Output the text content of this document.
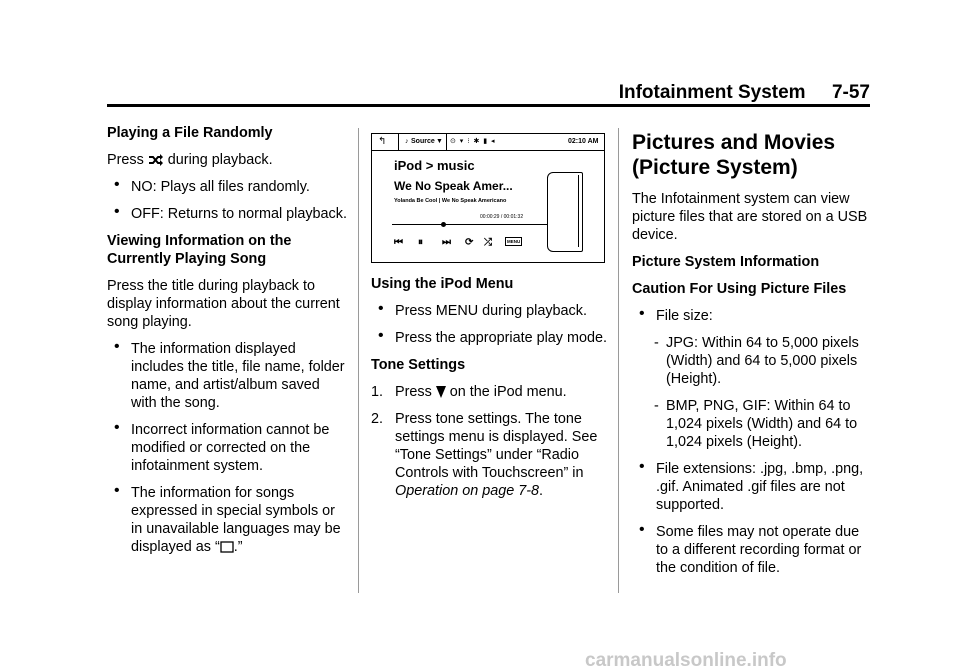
Infotainment System     7-57

Playing a File Randomly

Press  during playback.

• NO: Plays all files randomly.
• OFF: Returns to normal playback.

Viewing Information on the Currently Playing Song

Press the title during playback to display information about the current song playing.

• The information displayed includes the title, file name, folder name, and artist/album saved with the song.
• Incorrect information cannot be modified or corrected on the infotainment system.
• The information for songs expressed in special symbols or in unavailable languages may be displayed as “ .”
↰	♪ Source ▼ ⊙ ▾ ⁝ ✱ ▮ ◂	02:10 AM
iPod > music
We No Speak Amer...
Yolanda Be Cool | We No Speak Americano
00:00:29 / 00:01:32
⏮ ⏸ ⏭ ⟳ ⤮	MENU

Using the iPod Menu

• Press MENU during playback.
• Press the appropriate play mode.

Tone Settings

1. Press  on the iPod menu.
2. Press tone settings. The tone settings menu is displayed. See “Tone Settings” under “Radio Controls with Touchscreen” in Operation on page 7-8.
Pictures and Movies (Picture System)

The Infotainment system can view picture files that are stored on a USB device.

Picture System Information

Caution For Using Picture Files

• File size:
- JPG: Within 64 to 5,000 pixels (Width) and 64 to 5,000 pixels (Height).
- BMP, PNG, GIF: Within 64 to 1,024 pixels (Width) and 64 to 1,024 pixels (Height).
• File extensions: .jpg, .bmp, .png, .gif. Animated .gif files are not supported.
• Some files may not operate due to a different recording format or the condition of file.
carmanualsonline.info
